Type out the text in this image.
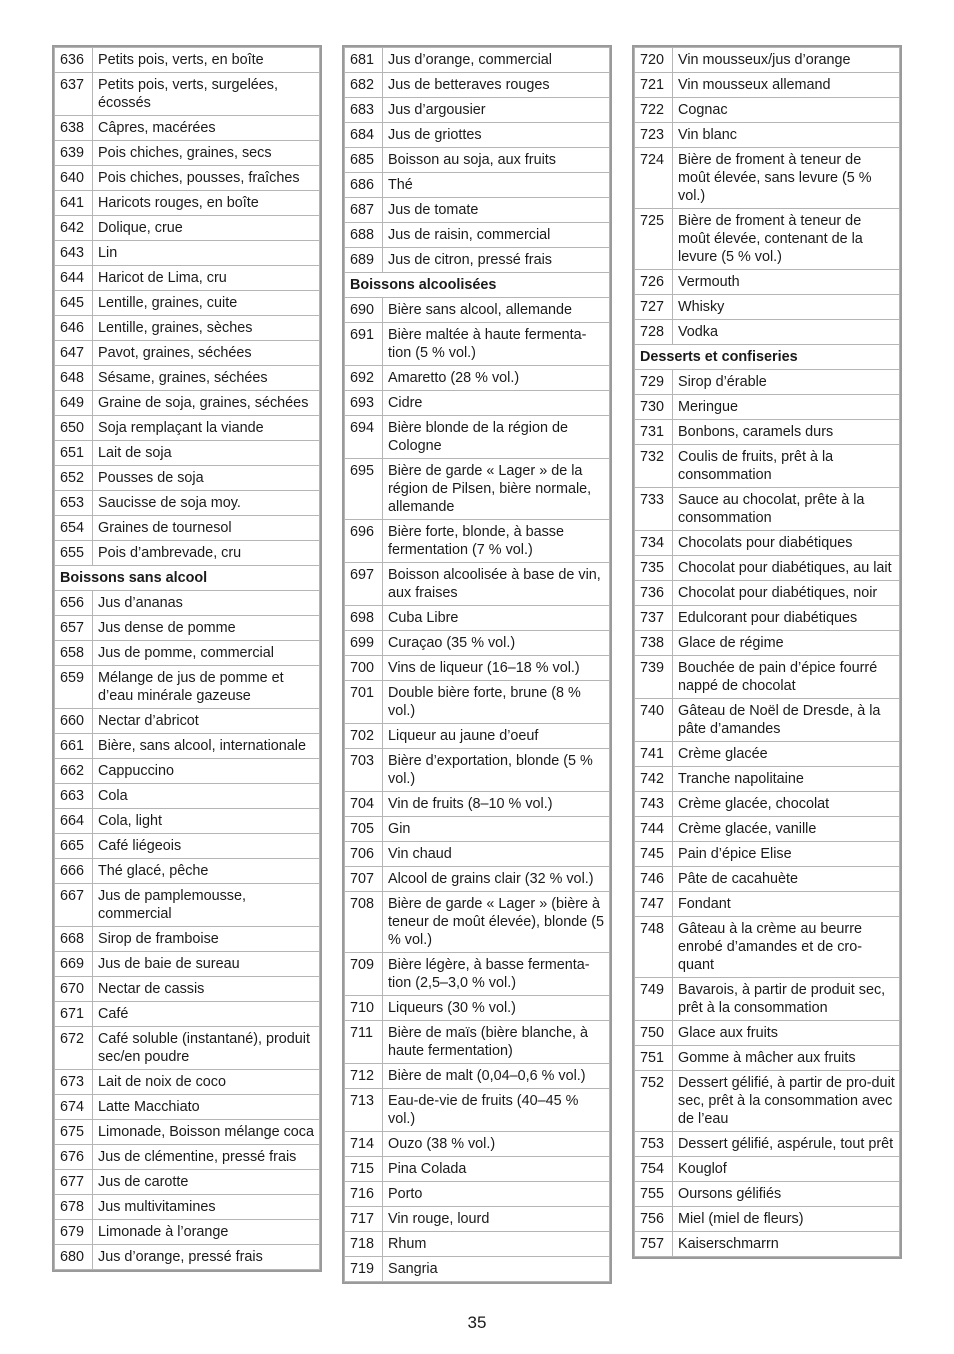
636	Petits pois, verts, en boîte
637	Petits pois, verts, surgelées, écossés
638	Câpres, macérées
639	Pois chiches, graines, secs
640	Pois chiches, pousses, fraîches
641	Haricots rouges, en boîte
642	Dolique, crue
643	Lin
644	Haricot de Lima, cru
645	Lentille, graines, cuite
646	Lentille, graines, sèches
647	Pavot, graines, séchées
648	Sésame, graines, séchées
649	Graine de soja, graines, séchées
650	Soja remplaçant la viande
651	Lait de soja
652	Pousses de soja
653	Saucisse de soja moy.
654	Graines de tournesol
655	Pois d’ambrevade, cru
Boissons sans alcool	
656	Jus d’ananas
657	Jus dense de pomme
658	Jus de pomme, commercial
659	Mélange de jus de pomme et d’eau minérale gazeuse
660	Nectar d’abricot
661	Bière, sans alcool, internationale
662	Cappuccino
663	Cola
664	Cola, light
665	Café liégeois
666	Thé glacé, pêche
667	Jus de pamplemousse, commercial
668	Sirop de framboise
669	Jus de baie de sureau
670	Nectar de cassis
671	Café
672	Café soluble (instantané), produit sec/en poudre
673	Lait de noix de coco
674	Latte Macchiato
675	Limonade, Boisson mélange coca
676	Jus de clémentine, pressé frais
677	Jus de carotte
678	Jus multivitamines
679	Limonade à l’orange
680	Jus d’orange, pressé frais
681	Jus d’orange, commercial
682	Jus de betteraves rouges
683	Jus d’argousier
684	Jus de griottes
685	Boisson au soja, aux fruits
686	Thé
687	Jus de tomate
688	Jus de raisin, commercial
689	Jus de citron, pressé frais
Boissons alcoolisées	
690	Bière sans alcool, allemande
691	Bière maltée à haute fermenta-tion (5 % vol.)
692	Amaretto (28 % vol.)
693	Cidre
694	Bière blonde de la région de Cologne
695	Bière de garde « Lager » de la région de Pilsen, bière normale, allemande
696	Bière forte, blonde, à basse fermentation (7 % vol.)
697	Boisson alcoolisée à base de vin, aux fraises
698	Cuba Libre
699	Curaçao (35 % vol.)
700	Vins de liqueur (16–18 % vol.)
701	Double bière forte, brune (8 % vol.)
702	Liqueur au jaune d’oeuf
703	Bière d’exportation, blonde (5 % vol.)
704	Vin de fruits (8–10 % vol.)
705	Gin
706	Vin chaud
707	Alcool de grains clair (32 % vol.)
708	Bière de garde « Lager » (bière à teneur de moût élevée), blonde (5 % vol.)
709	Bière légère, à basse fermenta-tion (2,5–3,0 % vol.)
710	Liqueurs (30 % vol.)
711	Bière de maïs (bière blanche, à haute fermentation)
712	Bière de malt (0,04–0,6 % vol.)
713	Eau-de-vie de fruits (40–45 % vol.)
714	Ouzo (38 % vol.)
715	Pina Colada
716	Porto
717	Vin rouge, lourd
718	Rhum
719	Sangria
720	Vin mousseux/jus d’orange
721	Vin mousseux allemand
722	Cognac
723	Vin blanc
724	Bière de froment à teneur de moût élevée, sans levure (5 % vol.)
725	Bière de froment à teneur de moût élevée, contenant de la levure (5 % vol.)
726	Vermouth
727	Whisky
728	Vodka
Desserts et confiseries	
729	Sirop d’érable
730	Meringue
731	Bonbons, caramels durs
732	Coulis de fruits, prêt à la consommation
733	Sauce au chocolat, prête à la consommation
734	Chocolats pour diabétiques
735	Chocolat pour diabétiques, au lait
736	Chocolat pour diabétiques, noir
737	Edulcorant pour diabétiques
738	Glace de régime
739	Bouchée de pain d’épice fourré nappé de chocolat
740	Gâteau de Noël de Dresde, à la pâte d’amandes
741	Crème glacée
742	Tranche napolitaine
743	Crème glacée, chocolat
744	Crème glacée, vanille
745	Pain d’épice Elise
746	Pâte de cacahuète
747	Fondant
748	Gâteau à la crème au beurre enrobé d’amandes et de cro-quant
749	Bavarois, à partir de produit sec, prêt à la consommation
750	Glace aux fruits
751	Gomme à mâcher aux fruits
752	Dessert gélifié, à partir de pro-duit sec, prêt à la consommation avec de l’eau
753	Dessert gélifié, aspérule, tout prêt
754	Kouglof
755	Oursons gélifiés
756	Miel (miel de fleurs)
757	Kaiserschmarrn
35
